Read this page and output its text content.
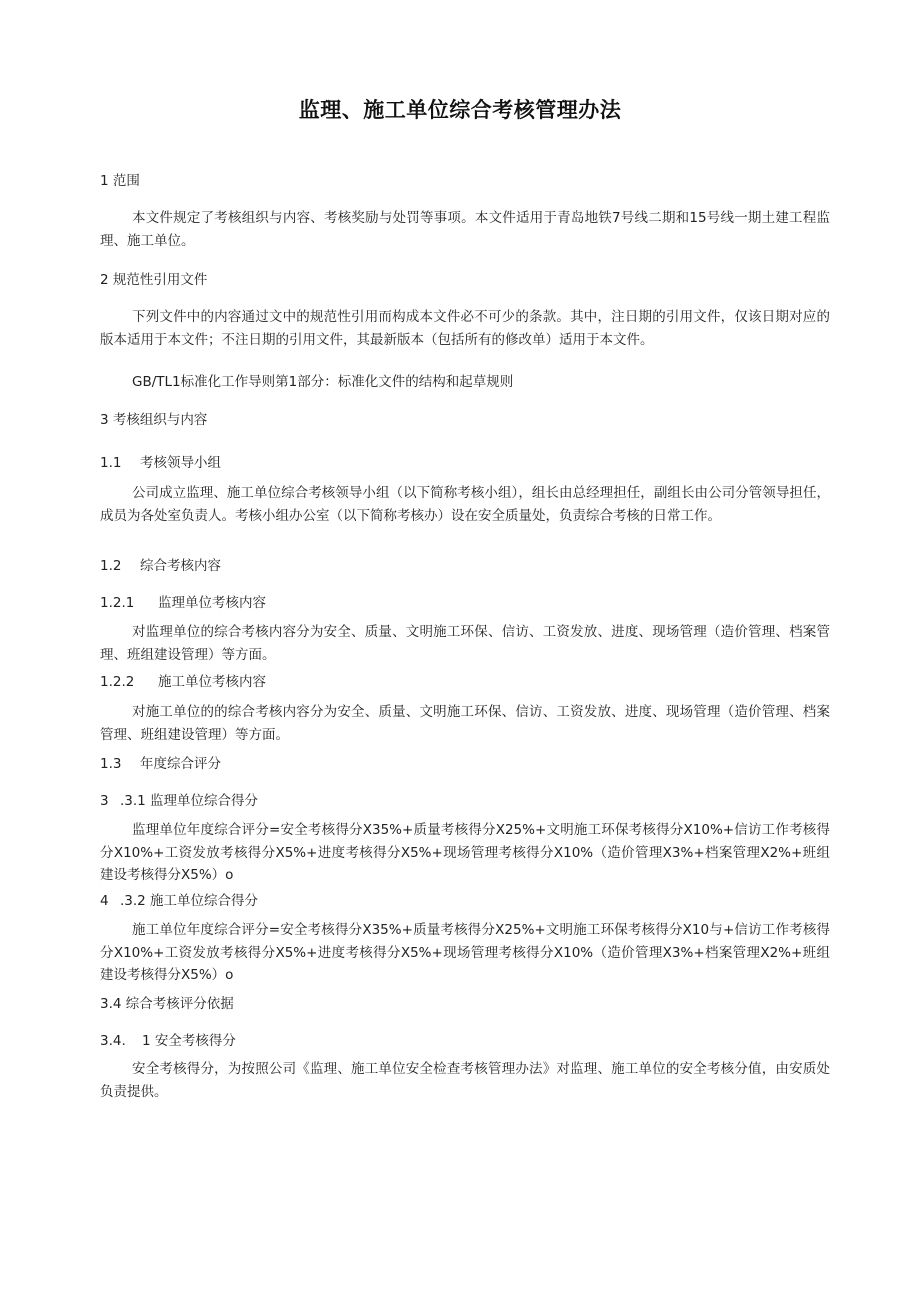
监理、施工单位综合考核管理办法
1 范围
本文件规定了考核组织与内容、考核奖励与处罚等事项。本文件适用于青岛地铁7号线二期和15号线一期土建工程监理、施工单位。
2 规范性引用文件
下列文件中的内容通过文中的规范性引用而构成本文件必不可少的条款。其中，注日期的引用文件，仅该日期对应的版本适用于本文件；不注日期的引用文件，其最新版本（包括所有的修改单）适用于本文件。
GB/TL1标准化工作导则第1部分：标准化文件的结构和起草规则
3 考核组织与内容
1.1 考核领导小组
公司成立监理、施工单位综合考核领导小组（以下简称考核小组），组长由总经理担任，副组长由公司分管领导担任，成员为各处室负责人。考核小组办公室（以下简称考核办）设在安全质量处，负责综合考核的日常工作。
1.2 综合考核内容
1.2.1 监理单位考核内容
对监理单位的综合考核内容分为安全、质量、文明施工环保、信访、工资发放、进度、现场管理（造价管理、档案管理、班组建设管理）等方面。
1.2.2 施工单位考核内容
对施工单位的的综合考核内容分为安全、质量、文明施工环保、信访、工资发放、进度、现场管理（造价管理、档案管理、班组建设管理）等方面。
1.3 年度综合评分
3 .3.1 监理单位综合得分
监理单位年度综合评分=安全考核得分X35%+质量考核得分X25%+文明施工环保考核得分X10%+信访工作考核得分X10%+工资发放考核得分X5%+进度考核得分X5%+现场管理考核得分X10%（造价管理X3%+档案管理X2%+班组建设考核得分X5%）o
4 .3.2 施工单位综合得分
施工单位年度综合评分=安全考核得分X35%+质量考核得分X25%+文明施工环保考核得分X10与+信访工作考核得分X10%+工资发放考核得分X5%+进度考核得分X5%+现场管理考核得分X10%（造价管理X3%+档案管理X2%+班组建设考核得分X5%）o
3.4 综合考核评分依据
3.4. 1 安全考核得分
安全考核得分，为按照公司《监理、施工单位安全检查考核管理办法》对监理、施工单位的安全考核分值，由安质处负责提供。
